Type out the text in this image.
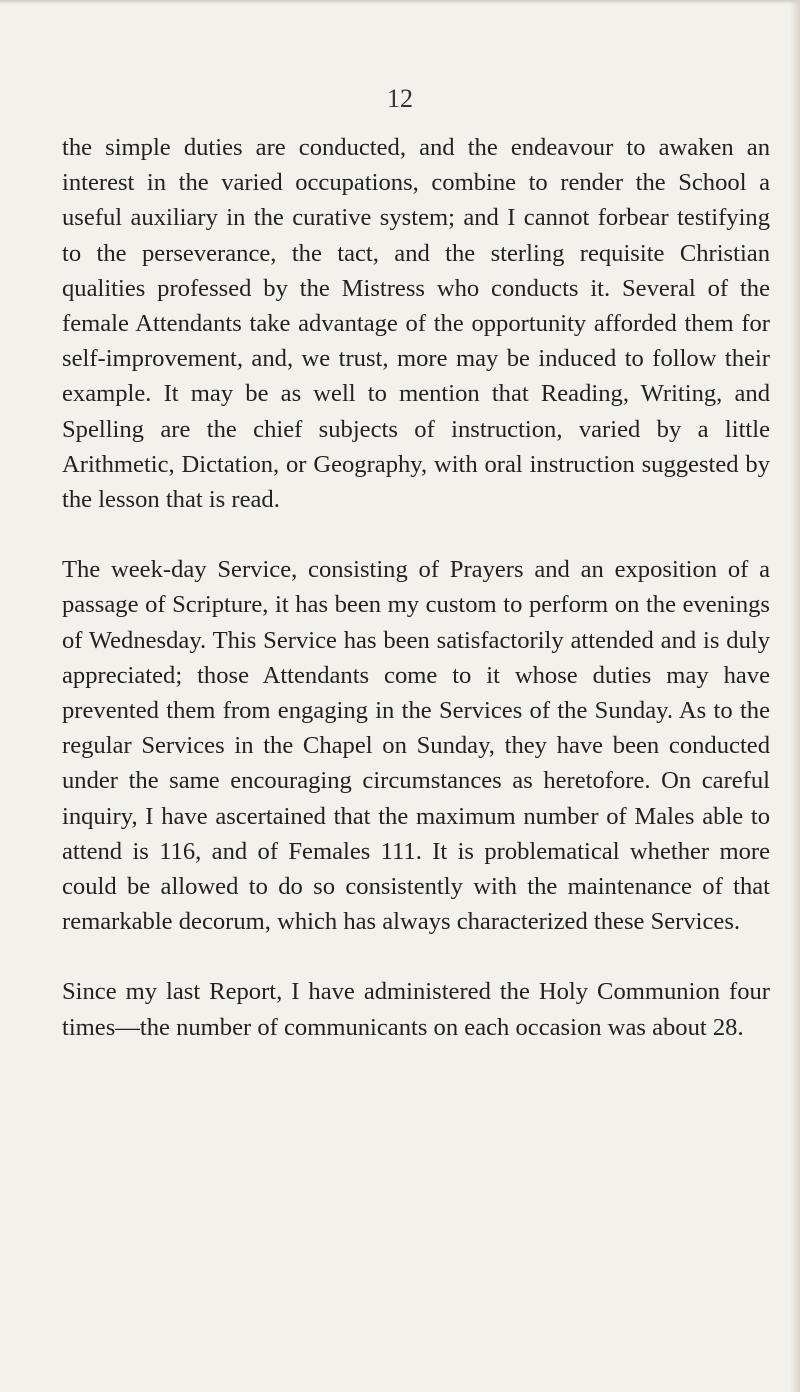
12

the simple duties are conducted, and the endeavour to awaken an interest in the varied occupations, combine to render the School a useful auxiliary in the curative system; and I cannot forbear testifying to the perseverance, the tact, and the sterling requisite Christian qualities professed by the Mistress who conducts it. Several of the female Attendants take advantage of the opportunity afforded them for self-improvement, and, we trust, more may be induced to follow their example. It may be as well to mention that Reading, Writing, and Spelling are the chief subjects of instruction, varied by a little Arithmetic, Dictation, or Geography, with oral instruction suggested by the lesson that is read.

The week-day Service, consisting of Prayers and an exposition of a passage of Scripture, it has been my custom to perform on the evenings of Wednesday. This Service has been satisfactorily attended and is duly appreciated; those Attendants come to it whose duties may have prevented them from engaging in the Services of the Sunday. As to the regular Services in the Chapel on Sunday, they have been conducted under the same encouraging circumstances as heretofore. On careful inquiry, I have ascertained that the maximum number of Males able to attend is 116, and of Females 111. It is problematical whether more could be allowed to do so consistently with the maintenance of that remarkable decorum, which has always characterized these Services.

Since my last Report, I have administered the Holy Communion four times—the number of communicants on each occasion was about 28.
